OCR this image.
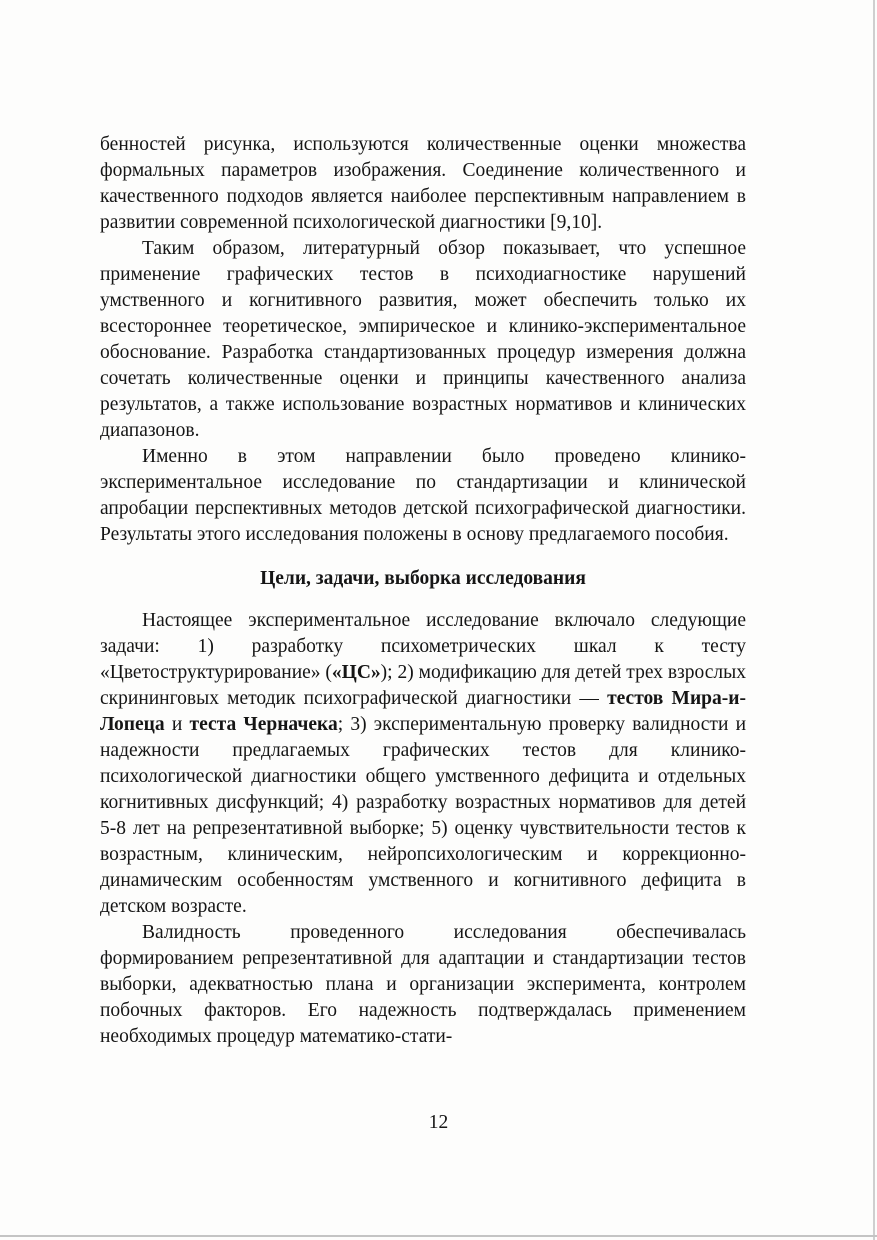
бенностей рисунка, используются количественные оценки множества формальных параметров изображения. Соединение количественного и качественного подходов является наиболее перспективным направлением в развитии современной психологической диагностики [9,10].

Таким образом, литературный обзор показывает, что успешное применение графических тестов в психодиагностике нарушений умственного и когнитивного развития, может обеспечить только их всестороннее теоретическое, эмпирическое и клинико-экспериментальное обоснование. Разработка стандартизованных процедур измерения должна сочетать количественные оценки и принципы качественного анализа результатов, а также использование возрастных нормативов и клинических диапазонов.

Именно в этом направлении было проведено клинико-экспериментальное исследование по стандартизации и клинической апробации перспективных методов детской психографической диагностики. Результаты этого исследования положены в основу предлагаемого пособия.

Цели, задачи, выборка исследования

Настоящее экспериментальное исследование включало следующие задачи: 1) разработку психометрических шкал к тесту «Цветоструктурирование» («ЦС»); 2) модификацию для детей трех взрослых скрининговых методик психографической диагностики — тестов Мира-и-Лопеца и теста Черначека; 3) экспериментальную проверку валидности и надежности предлагаемых графических тестов для клинико-психологической диагностики общего умственного дефицита и отдельных когнитивных дисфункций; 4) разработку возрастных нормативов для детей 5-8 лет на репрезентативной выборке; 5) оценку чувствительности тестов к возрастным, клиническим, нейропсихологическим и коррекционно-динамическим особенностям умственного и когнитивного дефицита в детском возрасте.

Валидность проведенного исследования обеспечивалась формированием репрезентативной для адаптации и стандартизации тестов выборки, адекватностью плана и организации эксперимента, контролем побочных факторов. Его надежность подтверждалась применением необходимых процедур математико-стати-

12
